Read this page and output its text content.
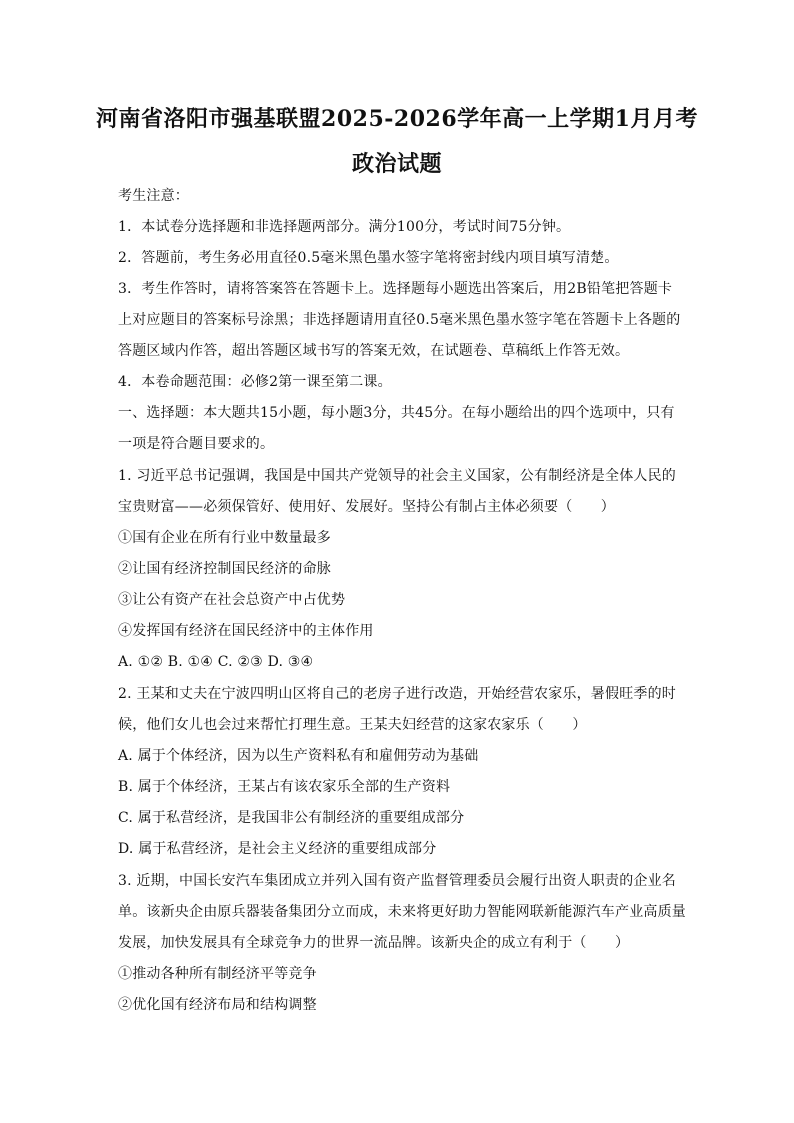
河南省洛阳市强基联盟2025-2026学年高一上学期1月月考
政治试题
考生注意：
1．本试卷分选择题和非选择题两部分。满分100分，考试时间75分钟。
2．答题前，考生务必用直径0.5毫米黑色墨水签字笔将密封线内项目填写清楚。
3．考生作答时，请将答案答在答题卡上。选择题每小题选出答案后，用2B铅笔把答题卡
上对应题目的答案标号涂黑；非选择题请用直径0.5毫米黑色墨水签字笔在答题卡上各题的
答题区域内作答，超出答题区域书写的答案无效，在试题卷、草稿纸上作答无效。
4．本卷命题范围：必修2第一课至第二课。
一、选择题：本大题共15小题，每小题3分，共45分。在每小题给出的四个选项中，只有
一项是符合题目要求的。
1. 习近平总书记强调，我国是中国共产党领导的社会主义国家，公有制经济是全体人民的
宝贵财富——必须保管好、使用好、发展好。坚持公有制占主体必须要（　　）
①国有企业在所有行业中数量最多
②让国有经济控制国民经济的命脉
③让公有资产在社会总资产中占优势
④发挥国有经济在国民经济中的主体作用
A. ①② B. ①④ C. ②③ D. ③④
2. 王某和丈夫在宁波四明山区将自己的老房子进行改造，开始经营农家乐，暑假旺季的时
候，他们女儿也会过来帮忙打理生意。王某夫妇经营的这家农家乐（　　）
A. 属于个体经济，因为以生产资料私有和雇佣劳动为基础
B. 属于个体经济，王某占有该农家乐全部的生产资料
C. 属于私营经济，是我国非公有制经济的重要组成部分
D. 属于私营经济，是社会主义经济的重要组成部分
3. 近期，中国长安汽车集团成立并列入国有资产监督管理委员会履行出资人职责的企业名
单。该新央企由原兵器装备集团分立而成，未来将更好助力智能网联新能源汽车产业高质量
发展，加快发展具有全球竞争力的世界一流品牌。该新央企的成立有利于（　　）
①推动各种所有制经济平等竞争
②优化国有经济布局和结构调整
